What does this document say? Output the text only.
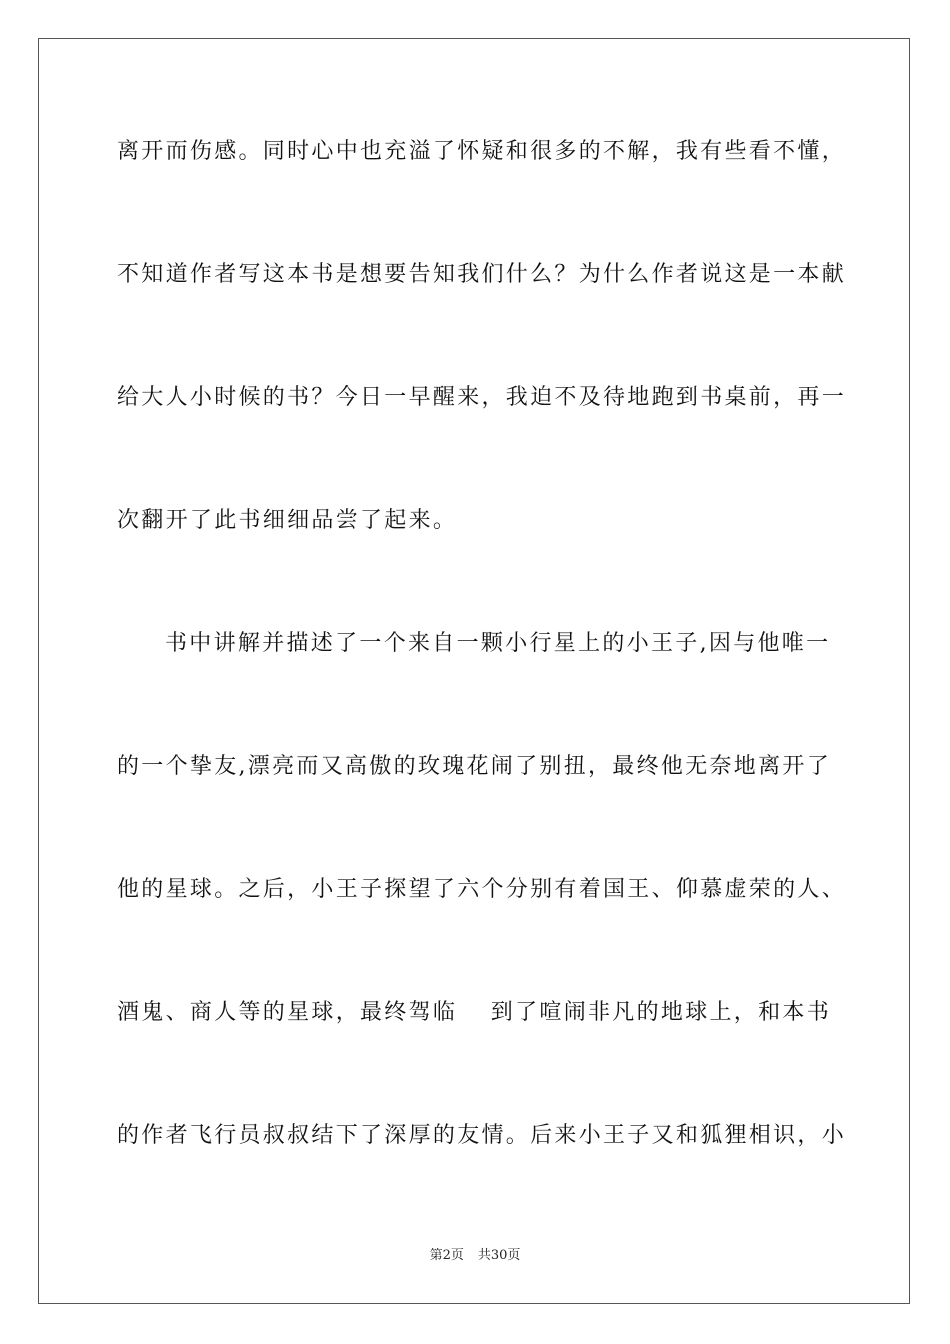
离开而伤感。同时心中也充溢了怀疑和很多的不解，我有些看不懂，
不知道作者写这本书是想要告知我们什么？为什么作者说这是一本献
给大人小时候的书？今日一早醒来，我迫不及待地跑到书桌前，再一
次翻开了此书细细品尝了起来。
书中讲解并描述了一个来自一颗小行星上的小王子,因与他唯一
的一个挚友,漂亮而又高傲的玫瑰花闹了别扭，最终他无奈地离开了
他的星球。之后，小王子探望了六个分别有着国王、仰慕虚荣的人、
酒鬼、商人等的星球，最终驾临　 到了喧闹非凡的地球上，和本书
的作者飞行员叔叔结下了深厚的友情。后来小王子又和狐狸相识，小
第2页 共30页
